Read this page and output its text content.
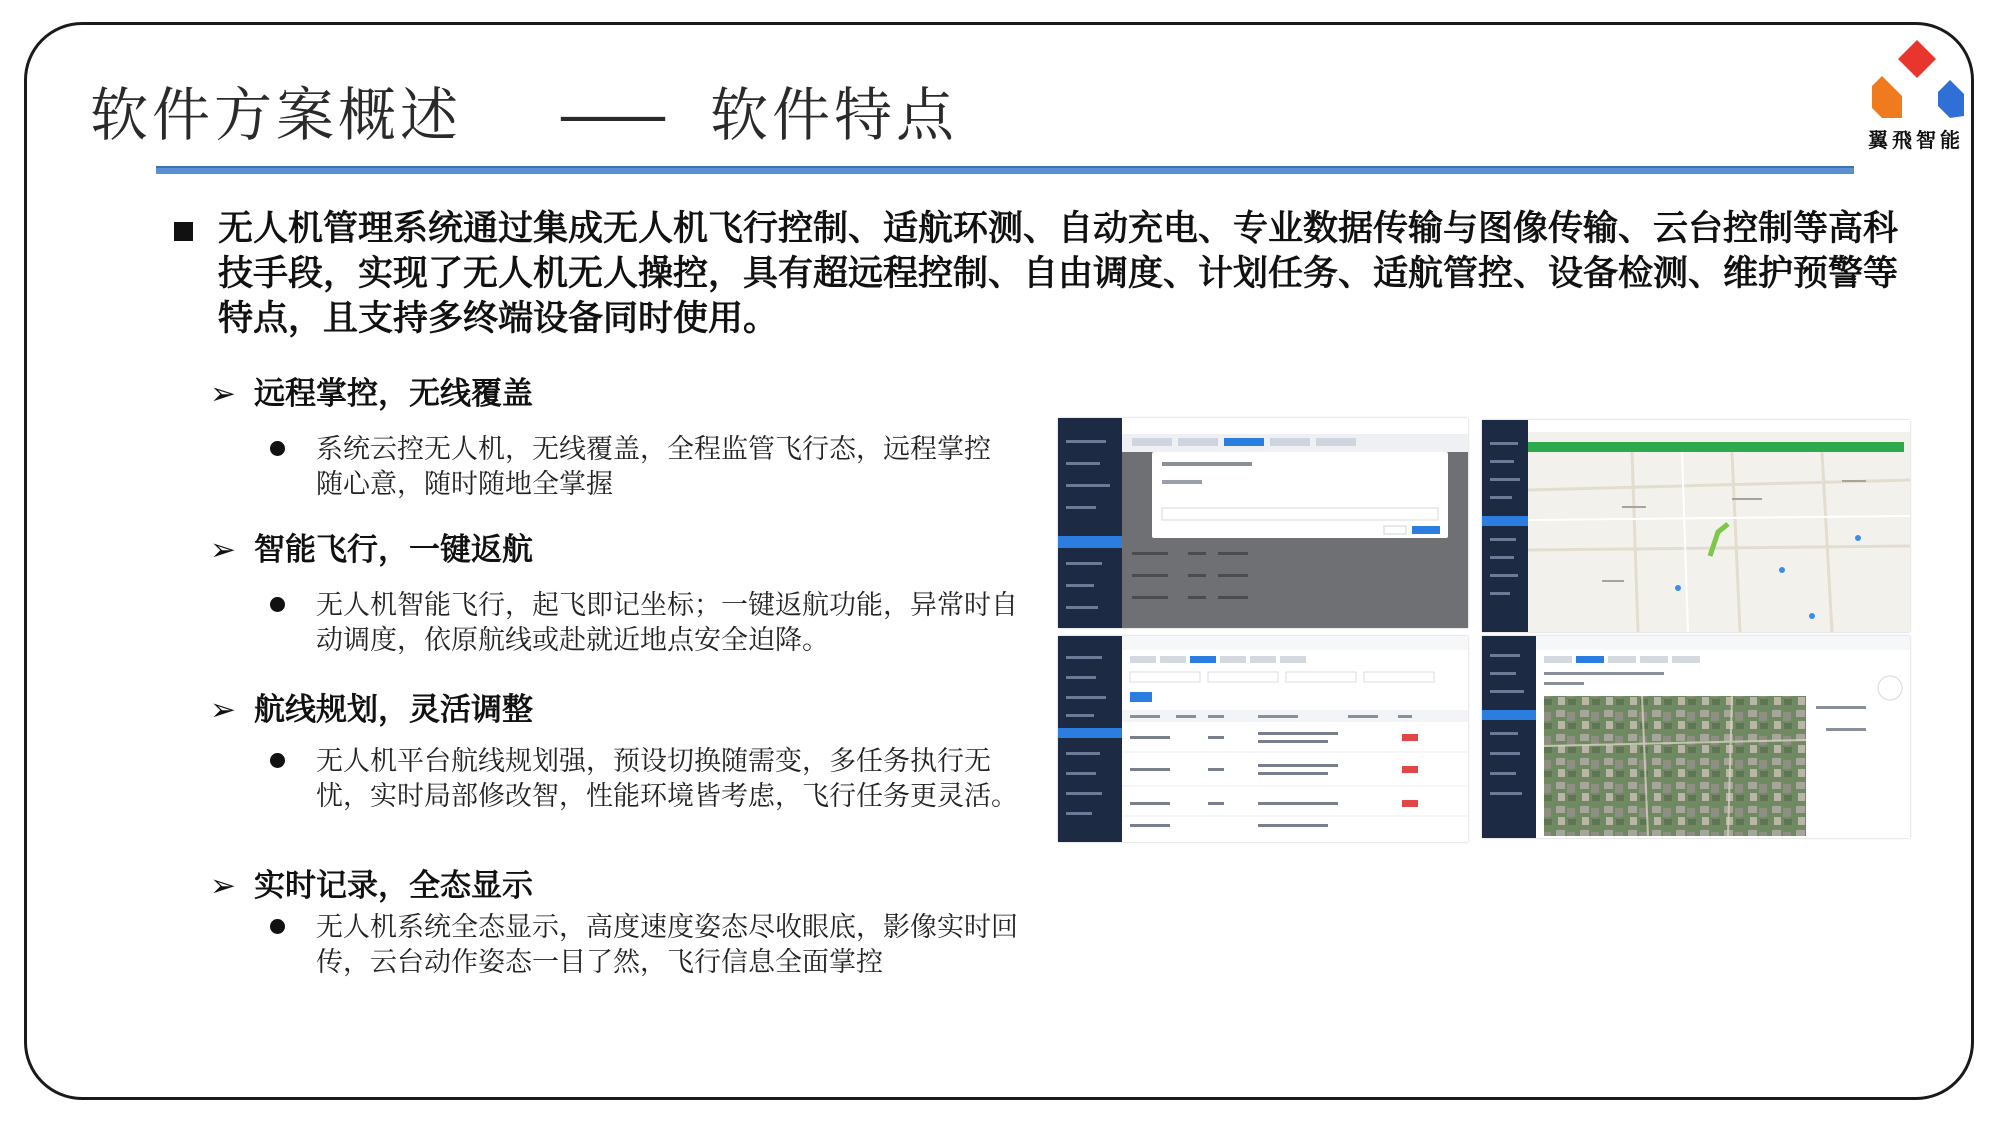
软件方案概述 —— 软件特点	翼飛智能

无人机管理系统通过集成无人机飞行控制、适航环测、自动充电、专业数据传输与图像传输、云台控制等高科技手段，实现了无人机无人操控，具有超远程控制、自由调度、计划任务、适航管控、设备检测、维护预警等特点，且支持多终端设备同时使用。

➢ 远程掌控，无线覆盖
系统云控无人机，无线覆盖，全程监管飞行态，远程掌控随心意，随时随地全掌握
➢ 智能飞行，一键返航
无人机智能飞行，起飞即记坐标；一键返航功能，异常时自动调度，依原航线或赴就近地点安全迫降。
➢ 航线规划，灵活调整
无人机平台航线规划强，预设切换随需变，多任务执行无忧，实时局部修改智，性能环境皆考虑，飞行任务更灵活。
➢ 实时记录，全态显示
无人机系统全态显示，高度速度姿态尽收眼底，影像实时回传，云台动作姿态一目了然，飞行信息全面掌控
